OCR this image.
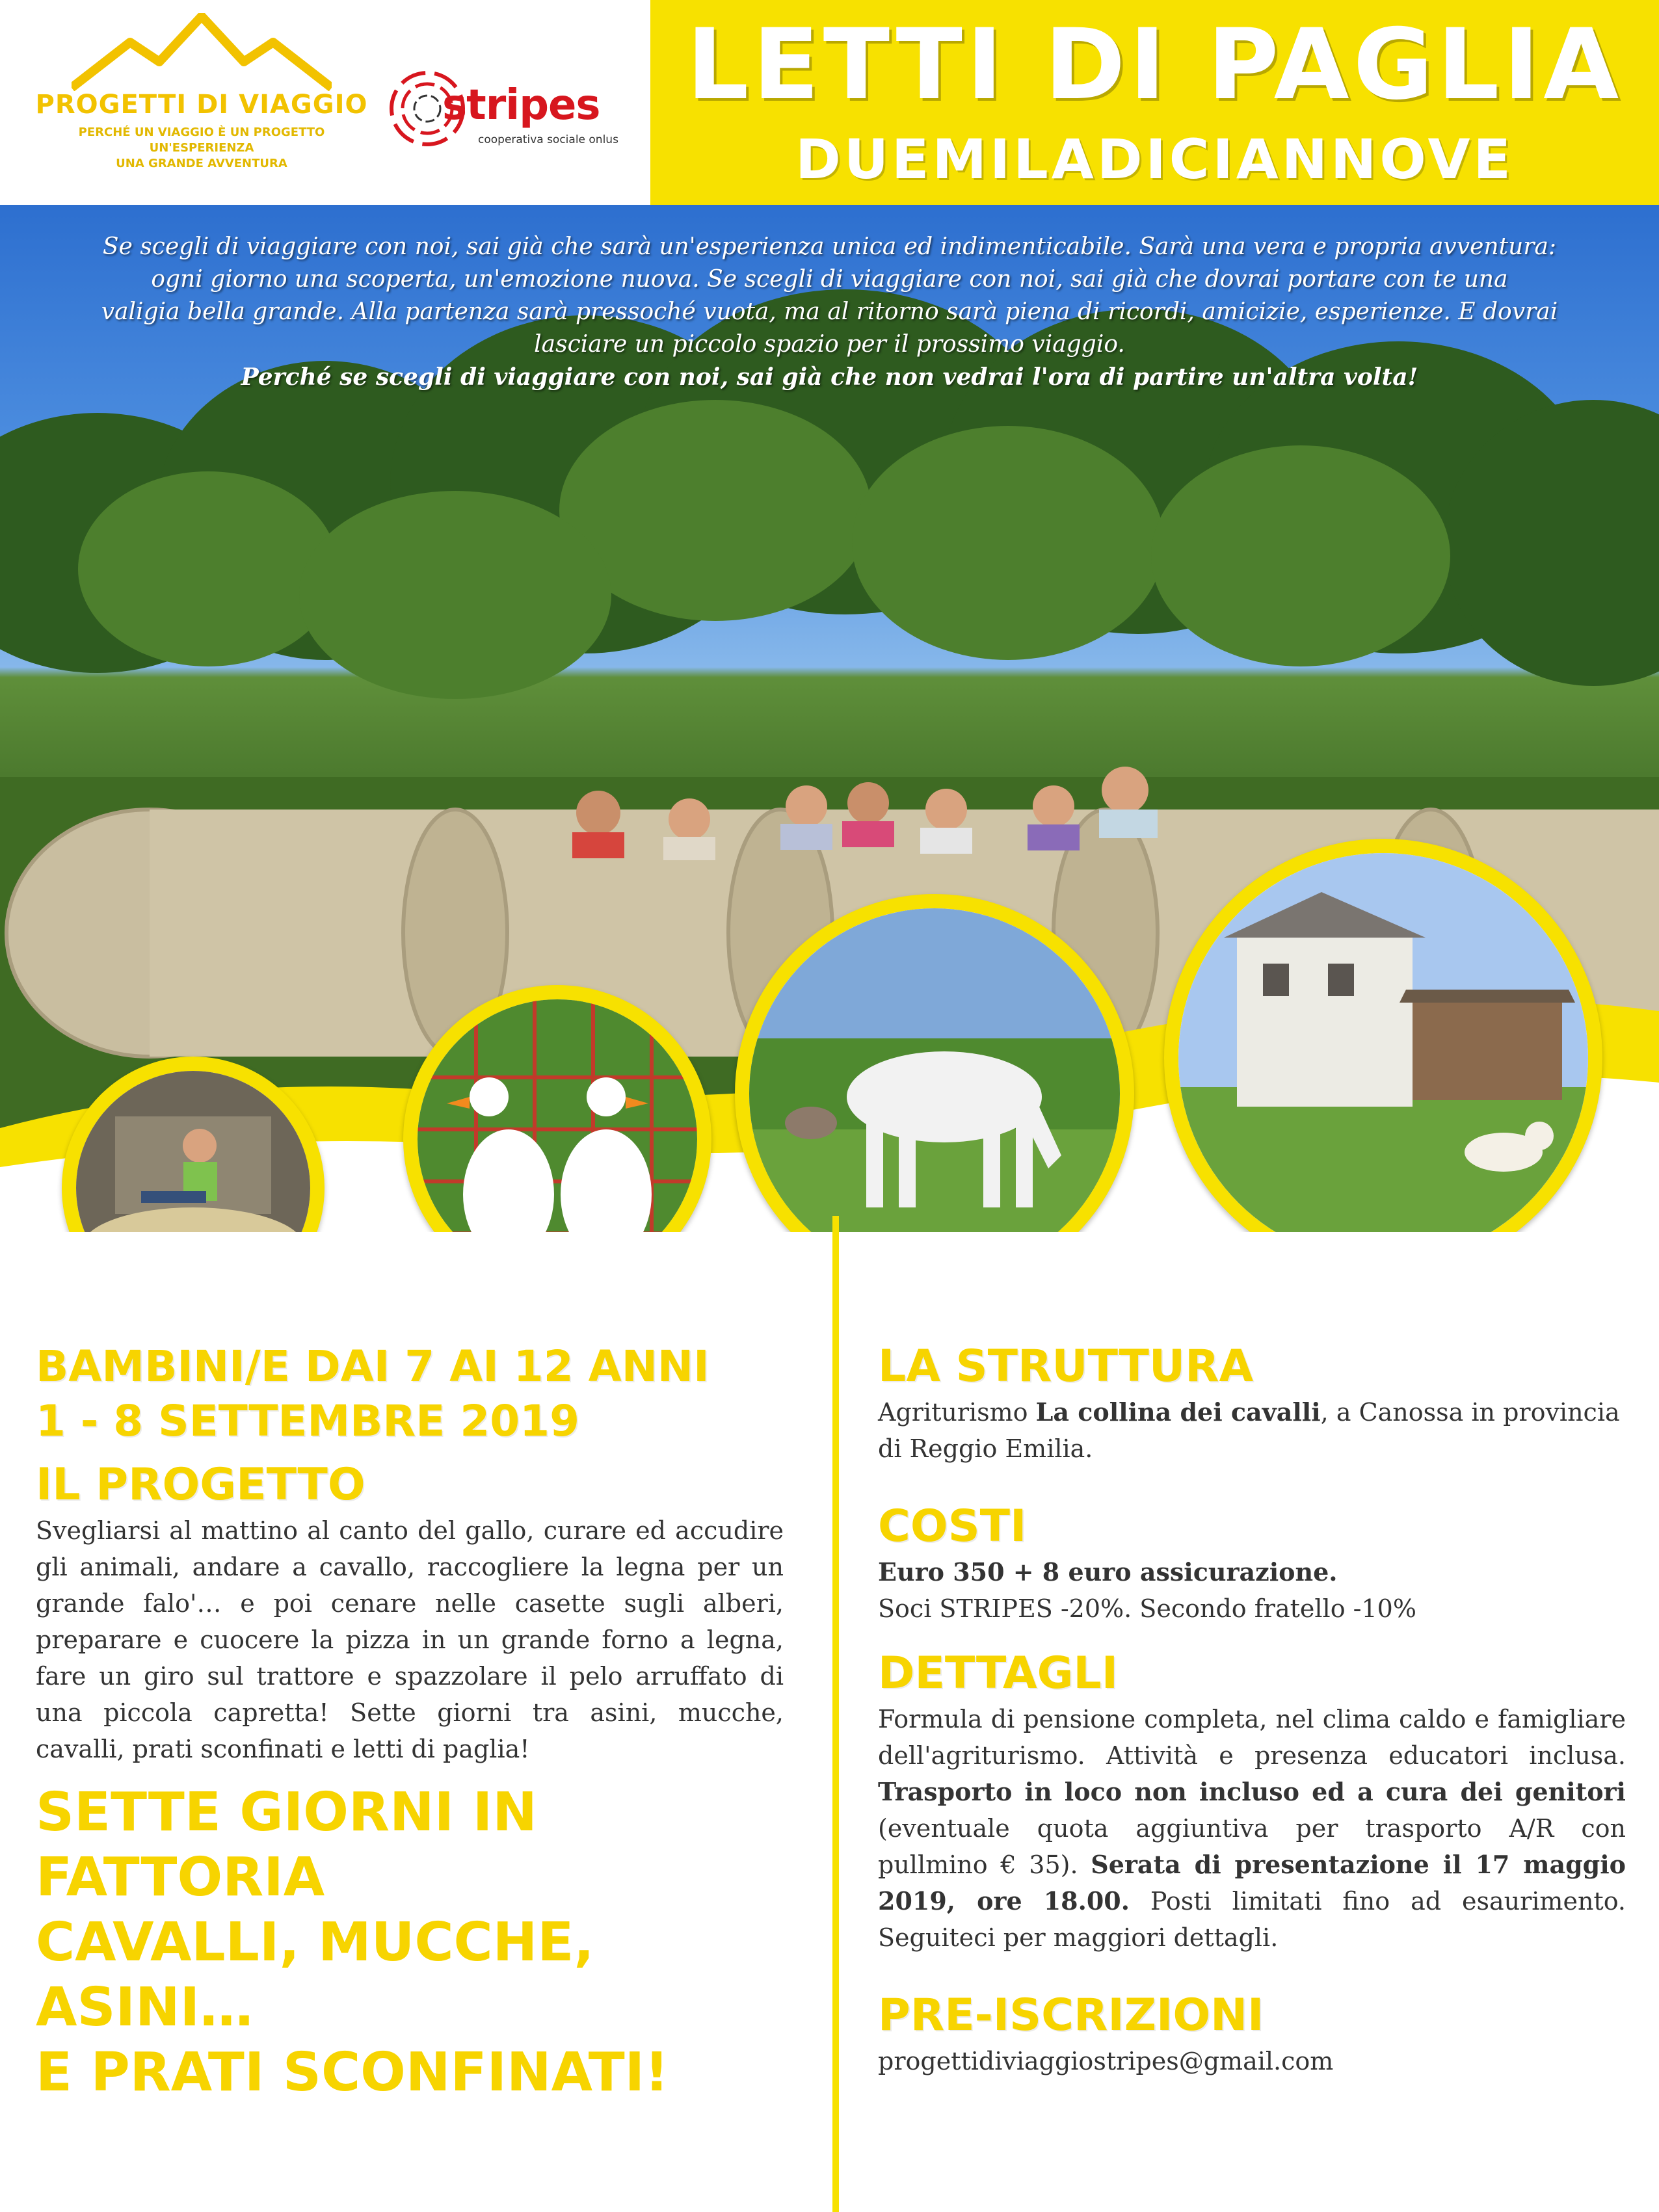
PROGETTI DI VIAGGIO
PERCHÉ UN VIAGGIO È UN PROGETTO UN'ESPERIENZA
UNA GRANDE AVVENTURA
stripes
cooperativa sociale onlus
LETTI DI PAGLIA
DUEMILADICIANNOVE
Se scegli di viaggiare con noi, sai già che sarà un'esperienza unica ed indimenticabile. Sarà una vera e propria avventura:
ogni giorno una scoperta, un'emozione nuova. Se scegli di viaggiare con noi, sai già che dovrai portare con te una
valigia bella grande. Alla partenza sarà pressoché vuota, ma al ritorno sarà piena di ricordi, amicizie, esperienze. E dovrai
lasciare un piccolo spazio per il prossimo viaggio.
Perché se scegli di viaggiare con noi, sai già che non vedrai l'ora di partire un'altra volta!
BAMBINI/E DAI 7 AI 12 ANNI
1 - 8 SETTEMBRE 2019
IL PROGETTO

Svegliarsi al mattino al canto del gallo, curare ed accudire gli animali, andare a cavallo, raccogliere la legna per un grande falo'… e poi cenare nelle casette sugli alberi, preparare e cuocere la pizza in un grande forno a legna, fare un giro sul trattore e spazzolare il pelo arruffato di una piccola capretta! Sette giorni tra asini, mucche, cavalli, prati sconfinati e letti di paglia!

SETTE GIORNI IN FATTORIA
CAVALLI, MUCCHE, ASINI…
E PRATI SCONFINATI!
LA STRUTTURA

Agriturismo La collina dei cavalli, a Canossa in provincia di Reggio Emilia.

COSTI

Euro 350 + 8 euro assicurazione.
Soci STRIPES -20%. Secondo fratello -10%

DETTAGLI

Formula di pensione completa, nel clima caldo e famigliare dell'agriturismo. Attività e presenza educatori inclusa. Trasporto in loco non incluso ed a cura dei genitori (eventuale quota aggiuntiva per trasporto A/R con pullmino € 35). Serata di presentazione il 17 maggio 2019, ore 18.00. Posti limitati fino ad esaurimento. Seguiteci per maggiori dettagli.

PRE-ISCRIZIONI

progettidiviaggiostripes@gmail.com
